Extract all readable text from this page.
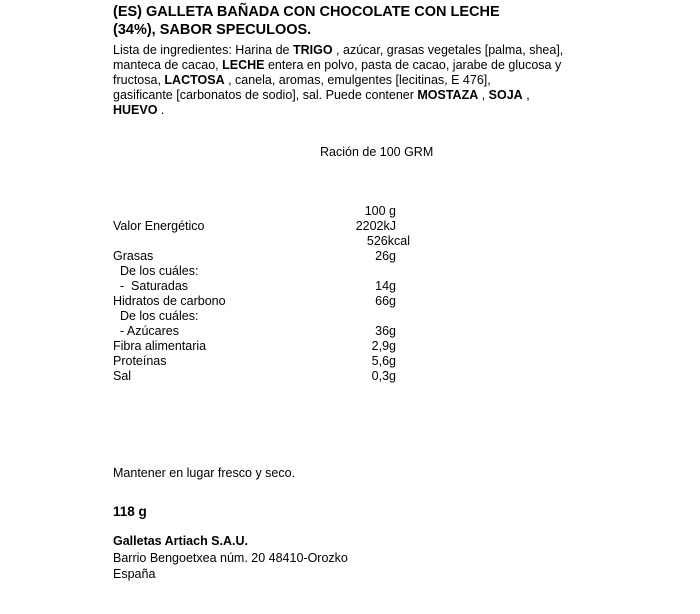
(ES) GALLETA BAÑADA CON CHOCOLATE CON LECHE
(34%), SABOR SPECULOOS.
Lista de ingredientes: Harina de TRIGO , azúcar, grasas vegetales [palma, shea],
manteca de cacao, LECHE entera en polvo, pasta de cacao, jarabe de glucosa y
fructosa, LACTOSA , canela, aromas, emulgentes [lecitinas, E 476],
gasificante [carbonatos de sodio], sal. Puede contener MOSTAZA , SOJA ,
HUEVO .
Ración de 100 GRM
100 g
Valor Energético	2202kJ
526kcal
Grasas	26g
De los cuáles:
-  Saturadas	14g
Hidratos de carbono	66g
De los cuáles:
- Azúcares	36g
Fibra alimentaria	2,9g
Proteínas	5,6g
Sal	0,3g
Mantener en lugar fresco y seco.
118 g
Galletas Artiach S.A.U.
Barrio Bengoetxea núm. 20 48410-Orozko
España
